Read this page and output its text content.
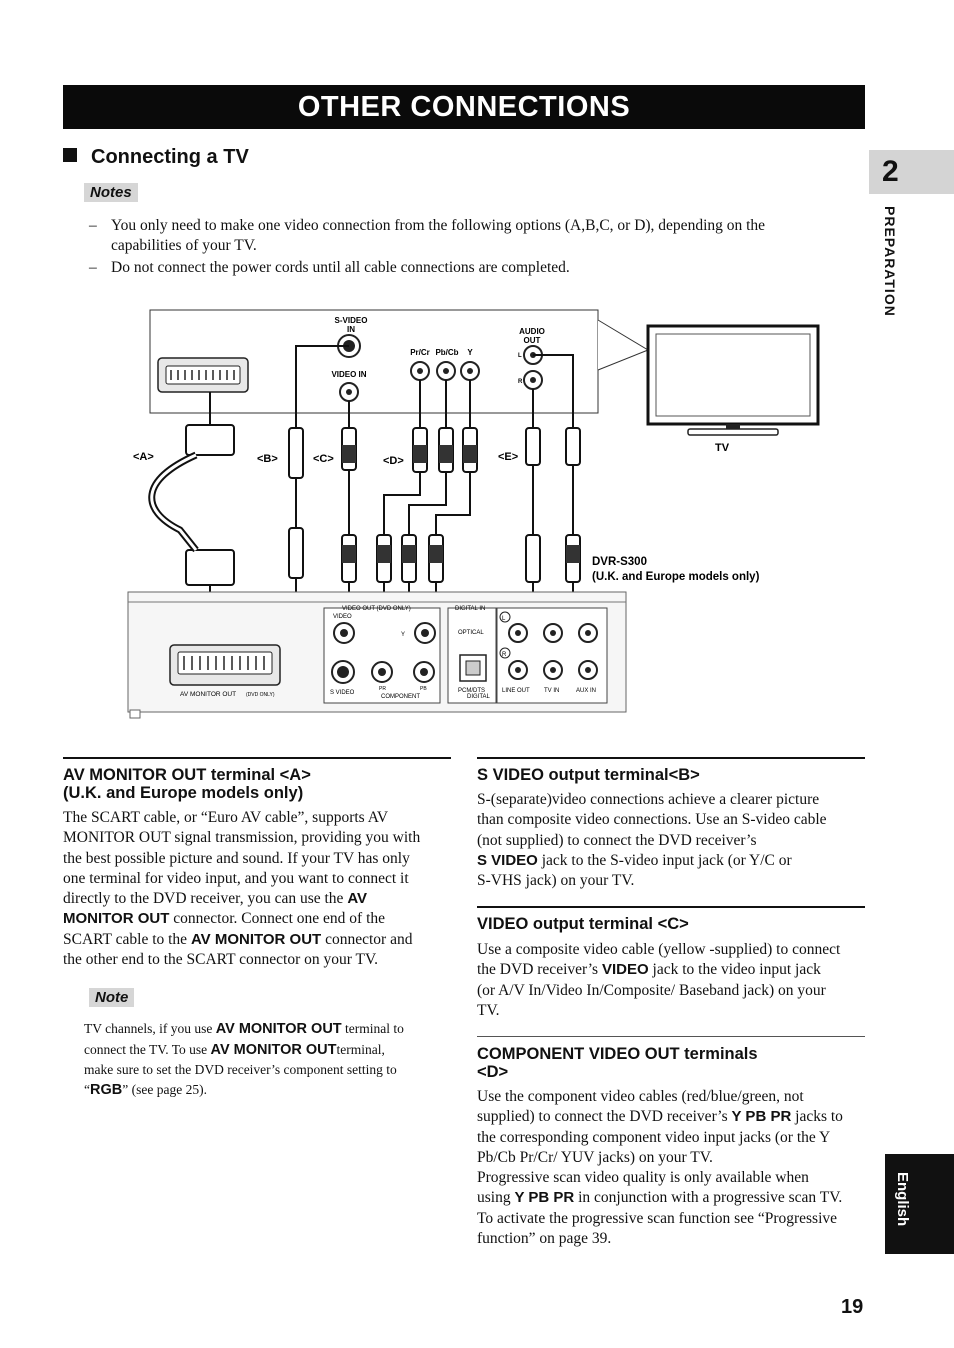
OTHER CONNECTIONS
2
PREPARATION
English
Connecting a TV
Notes
– You only need to make one video connection from the following options (A,B,C, or D), depending on the
capabilities of your TV.
– Do not connect the power cords until all cable connections are completed.
S-VIDEO
IN
VIDEO IN
Pr/Cr Pb/Cb Y
AUDIO
OUT
L
R
TV
<A>	<B>	<C>	<D>	<E>
DVR-S300
(U.K. and Europe models only)
AV MONITOR OUT (DVD ONLY)
VIDEO OUT (DVD ONLY)
VIDEO
Y
S VIDEO
PR	PB
COMPONENT
DIGITAL IN
OPTICAL
PCM/DTS
DIGITAL
L
R
LINE OUT TV IN	AUX IN
AV MONITOR OUT terminal <A>
(U.K. and Europe models only)
The SCART cable, or “Euro AV cable”, supports AV
MONITOR OUT signal transmission, providing you with
the best possible picture and sound. If your TV has only
one terminal for video input, and you want to connect it
directly to the DVD receiver, you can use the AV
MONITOR OUT connector. Connect one end of the
SCART cable to the AV MONITOR OUT connector and
the other end to the SCART connector on your TV.
Note
TV channels, if you use AV MONITOR OUT terminal to
connect the TV. To use AV MONITOR OUTterminal,
make sure to set the DVD receiver’s component setting to
“RGB” (see page 25).
S VIDEO output terminal<B>
S-(separate)video connections achieve a clearer picture
than composite video connections. Use an S-video cable
(not supplied) to connect the DVD receiver’s
S VIDEO jack to the S-video input jack (or Y/C or
S-VHS jack) on your TV.
VIDEO output terminal <C>
Use a composite video cable (yellow -supplied) to connect
the DVD receiver’s VIDEO jack to the video input jack
(or A/V In/Video In/Composite/ Baseband jack) on your
TV.
COMPONENT VIDEO OUT terminals
<D>
Use the component video cables (red/blue/green, not
supplied) to connect the DVD receiver’s Y PB PR jacks to
the corresponding component video input jacks (or the Y
Pb/Cb Pr/Cr/ YUV jacks) on your TV.
Progressive scan video quality is only available when
using Y PB PR in conjunction with a progressive scan TV.
To activate the progressive scan function see “Progressive
function” on page 39.
19
